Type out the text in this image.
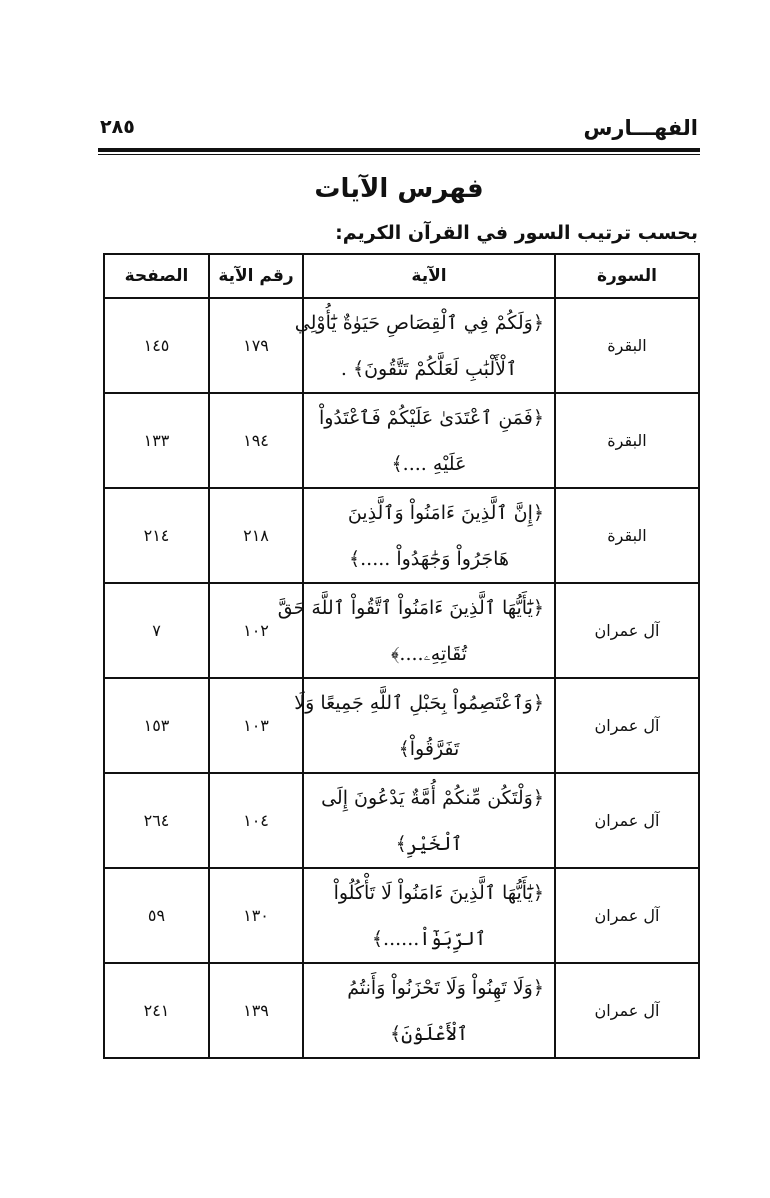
الفهـــارس
٢٨٥
فهرس الآيات
بحسب ترتيب السور في القرآن الكريم:
السورة	الآية	رقم الآية	الصفحة
البقرة	﴿وَلَكُمْ فِي ٱلْقِصَاصِ حَيَوٰةٌ يَٰٓأُوْلِي
ٱلْأَلْبَٰبِ لَعَلَّكُمْ تَتَّقُونَ﴾ .	١٧٩	١٤٥
البقرة	﴿فَمَنِ ٱعْتَدَىٰ عَلَيْكُمْ فَٱعْتَدُواْ
عَلَيْهِ ....﴾	١٩٤	١٣٣
البقرة	﴿إِنَّ ٱلَّذِينَ ءَامَنُواْ وَٱلَّذِينَ
هَاجَرُواْ وَجَٰهَدُواْ .....﴾	٢١٨	٢١٤
آل عمران	﴿يَٰٓأَيُّهَا ٱلَّذِينَ ءَامَنُواْ ٱتَّقُواْ ٱللَّهَ حَقَّ
تُقَاتِهِۦ....﴾	١٠٢	٧
آل عمران	﴿وَٱعْتَصِمُواْ بِحَبْلِ ٱللَّهِ جَمِيعًا وَلَا
تَفَرَّقُواْ﴾	١٠٣	١٥٣
آل عمران	﴿وَلْتَكُن مِّنكُمْ أُمَّةٌ يَدْعُونَ إِلَى
ٱلْخَيْرِ﴾	١٠٤	٢٦٤
آل عمران	﴿يَٰٓأَيُّهَا ٱلَّذِينَ ءَامَنُواْ لَا تَأْكُلُواْ
ٱلرِّبَوٰٓاْ......﴾	١٣٠	٥٩
آل عمران	﴿وَلَا تَهِنُواْ وَلَا تَحْزَنُواْ وَأَنتُمُ
ٱلْأَعْلَوْنَ﴾	١٣٩	٢٤١
